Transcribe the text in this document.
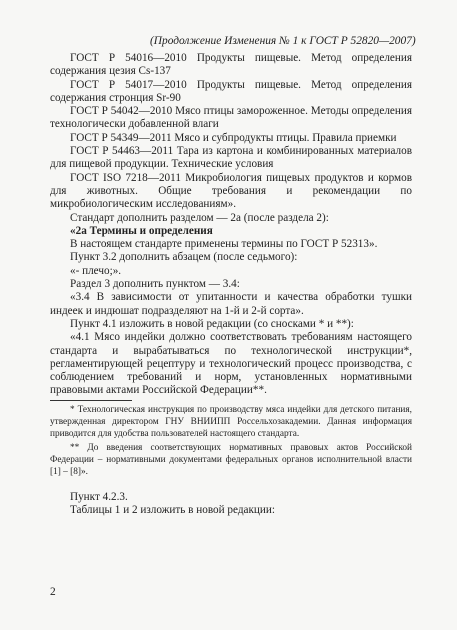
(Продолжение Изменения № 1 к ГОСТ Р 52820—2007)

ГОСТ Р 54016—2010 Продукты пищевые. Метод определения содержания цезия Cs-137

ГОСТ Р 54017—2010 Продукты пищевые. Метод определения содержания стронция Sr-90

ГОСТ Р 54042—2010 Мясо птицы замороженное. Методы определения технологически добавленной влаги

ГОСТ Р 54349—2011 Мясо и субпродукты птицы. Правила приемки

ГОСТ Р 54463—2011 Тара из картона и комбинированных материалов для пищевой продукции. Технические условия

ГОСТ ISO 7218—2011 Микробиология пищевых продуктов и кормов для животных. Общие требования и рекомендации по микробиологическим исследованиям».

Стандарт дополнить разделом — 2а (после раздела 2):

«2а Термины и определения

В настоящем стандарте применены термины по ГОСТ Р 52313».

Пункт 3.2 дополнить абзацем (после седьмого):

«- плечо;».

Раздел 3 дополнить пунктом — 3.4:

«3.4 В зависимости от упитанности и качества обработки тушки индеек и индюшат подразделяют на 1-й и 2-й сорта».

Пункт 4.1 изложить в новой редакции (со сносками * и **):

«4.1 Мясо индейки должно соответствовать требованиям настоящего стандарта и вырабатываться по технологической инструкции*, регламентирующей рецептуру и технологический процесс производства, с соблюдением требований и норм, установленных нормативными правовыми актами Российской Федерации**.

* Технологическая инструкция по производству мяса индейки для детского питания, утвержденная директором ГНУ ВНИИПП Россельхозакадемии. Данная информация приводится для удобства пользователей настоящего стандарта.

** До введения соответствующих нормативных правовых актов Российской Федерации – нормативными документами федеральных органов исполнительной власти [1] – [8]».

Пункт 4.2.3.

Таблицы 1 и 2 изложить в новой редакции:

2
